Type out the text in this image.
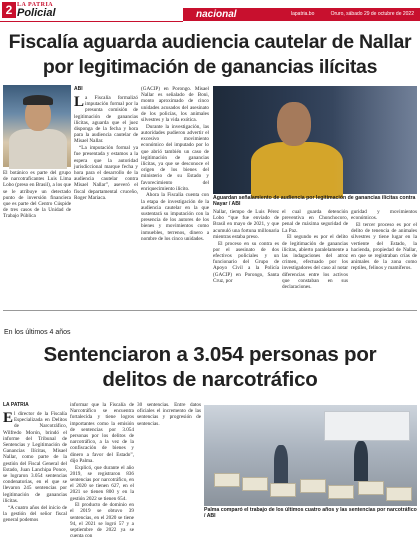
2 LA PATRIA
Policial	nacional	lapatria.bo	Oruro, sábado 29 de octubre de 2022
Fiscalía aguarda audiencia cautelar de Nallar por legitimación de ganancias ilícitas

El botánico es parte del grupo de narcotraficantes Luis Lima Lobo (preso en Brasil), a los que se le atribuye un detectado punto de inversión financiera que es parte del Centro Cúspide de tres casos de la Unidad de Trabajo Pública

ABI
L a Fiscalía formalizó imputación formal por la presunta comisión de legitimación de ganancias ilícitas, aguarda que el juez disponga de la fecha y hora para la audiencia cautelar de Misael Nallar.

“La imputación formal ya fue presentada y estamos a la espera que la autoridad jurisdiccional marque fecha y hora para el desarrollo de la audiencia cautelar contra Misael Nallar”, aseveró el fiscal departamental cruceño, Roger Mariaca.

(GACIP) en Porongo. Misael Nallar es señalado de Boni, monto aproximado de cinco unidades acusados del asesinato de los policías, los animales silvestres y la vida exótica.

Durante la investigación, las autoridades pudieron advertir el excesivo movimiento económico del imputado por lo que abrió también un caso de legitimación de ganancias ilícitas, ya que se desconoce el origen de los bienes del ministerio de su Estado y favorecimiento del enriquecimiento ilícito.

Ahora la Fiscalía cuenta con la etapa de investigación de la audiencia cautelar en la que sustentará su imputación con la presencia de los autores de los bienes y movimientos como inmuebles, terrenos, dinero a nombre de los cinco unidades.

Aguardan señalamiento de audiencia por legitimación de ganancias ilícitas contra Nayar / ABI

Nallar, tiempo de Luis Pérez Lobo “que fue enviado de Brasil en mayo de 2021, y que acumuló una fortuna millonaria mientras estaba preso.

El proceso en su contra es por el asesinato de dos efectivos policiales y un funcionario del Grupo de Apoyo Civil a la Policía (GACIP) en Porongo, Santa Cruz, por

el cual guarda detención preventiva en Chonchocoro, penal de máxima seguridad de La Paz.

El segundo es por el delito de legitimación de ganancias ilícitas, abierto paralelamente a las indagaciones del atroz crimen, efectuado por los investigadores del caso al notar diferencias entre los activos que constaban en sus declaraciones.

guridad y movimientos económicos.

El tercer proceso es por el delito de tenencia de animales silvestres y tiene lugar en la vertiente del Estado, la hacienda, propiedad de Nallar, en que se registraban crías de animales de la zona como reptiles, felinos y mamíferos.

En los últimos 4 años
Sentenciaron a 3.054 personas por delitos de narcotráfico
LA PATRIA
E l director de la Fiscalía Especializada en Delitos de Narcotráfico, Wilfredo Morón, brindó el informe del Tribunal de Sentencias y Legitimación de Ganancias Ilícitas, Misael Nallar, como parte de la gestión del Fiscal General del Estado, Juan Lanchipa Ponce, se lograron 3.054 sentencias condenatorias, en el que se llevaron 245 sentencias por legitimación de ganancias ilícitas.

“A cuatro años del inicio de la gestión del señor fiscal general podemos

informar que la Fiscalía de Narcotráfico se encuentra fortalecida y tiene logros importantes como la emisión de sentencias por 3.054 personas por los delitos de narcotráfico, a la vez de la confiscación de bienes y dinero a favor del Estado”, dijo Palma.

Explicó, que durante el año 2019, se registraron 836 sentencias por narcotráfico, en el 2020 se tienen 627, en el 2021 se tienen 800 y en la gestión 2022 se tienen 654.

El producto de dominio en el 2019 se obtuvo 39 sentencias, en el 2020 se tiene 94, el 2021 se logró 57 y a septiembre de 2022 ya se cuenta con

30 sentencias. Entre datos oficiales el incremento de las sentencias y progresión de sentencias.

Palma comparó el trabajo de los últimos cuatro años y las sentencias por narcotráfico / ABI
